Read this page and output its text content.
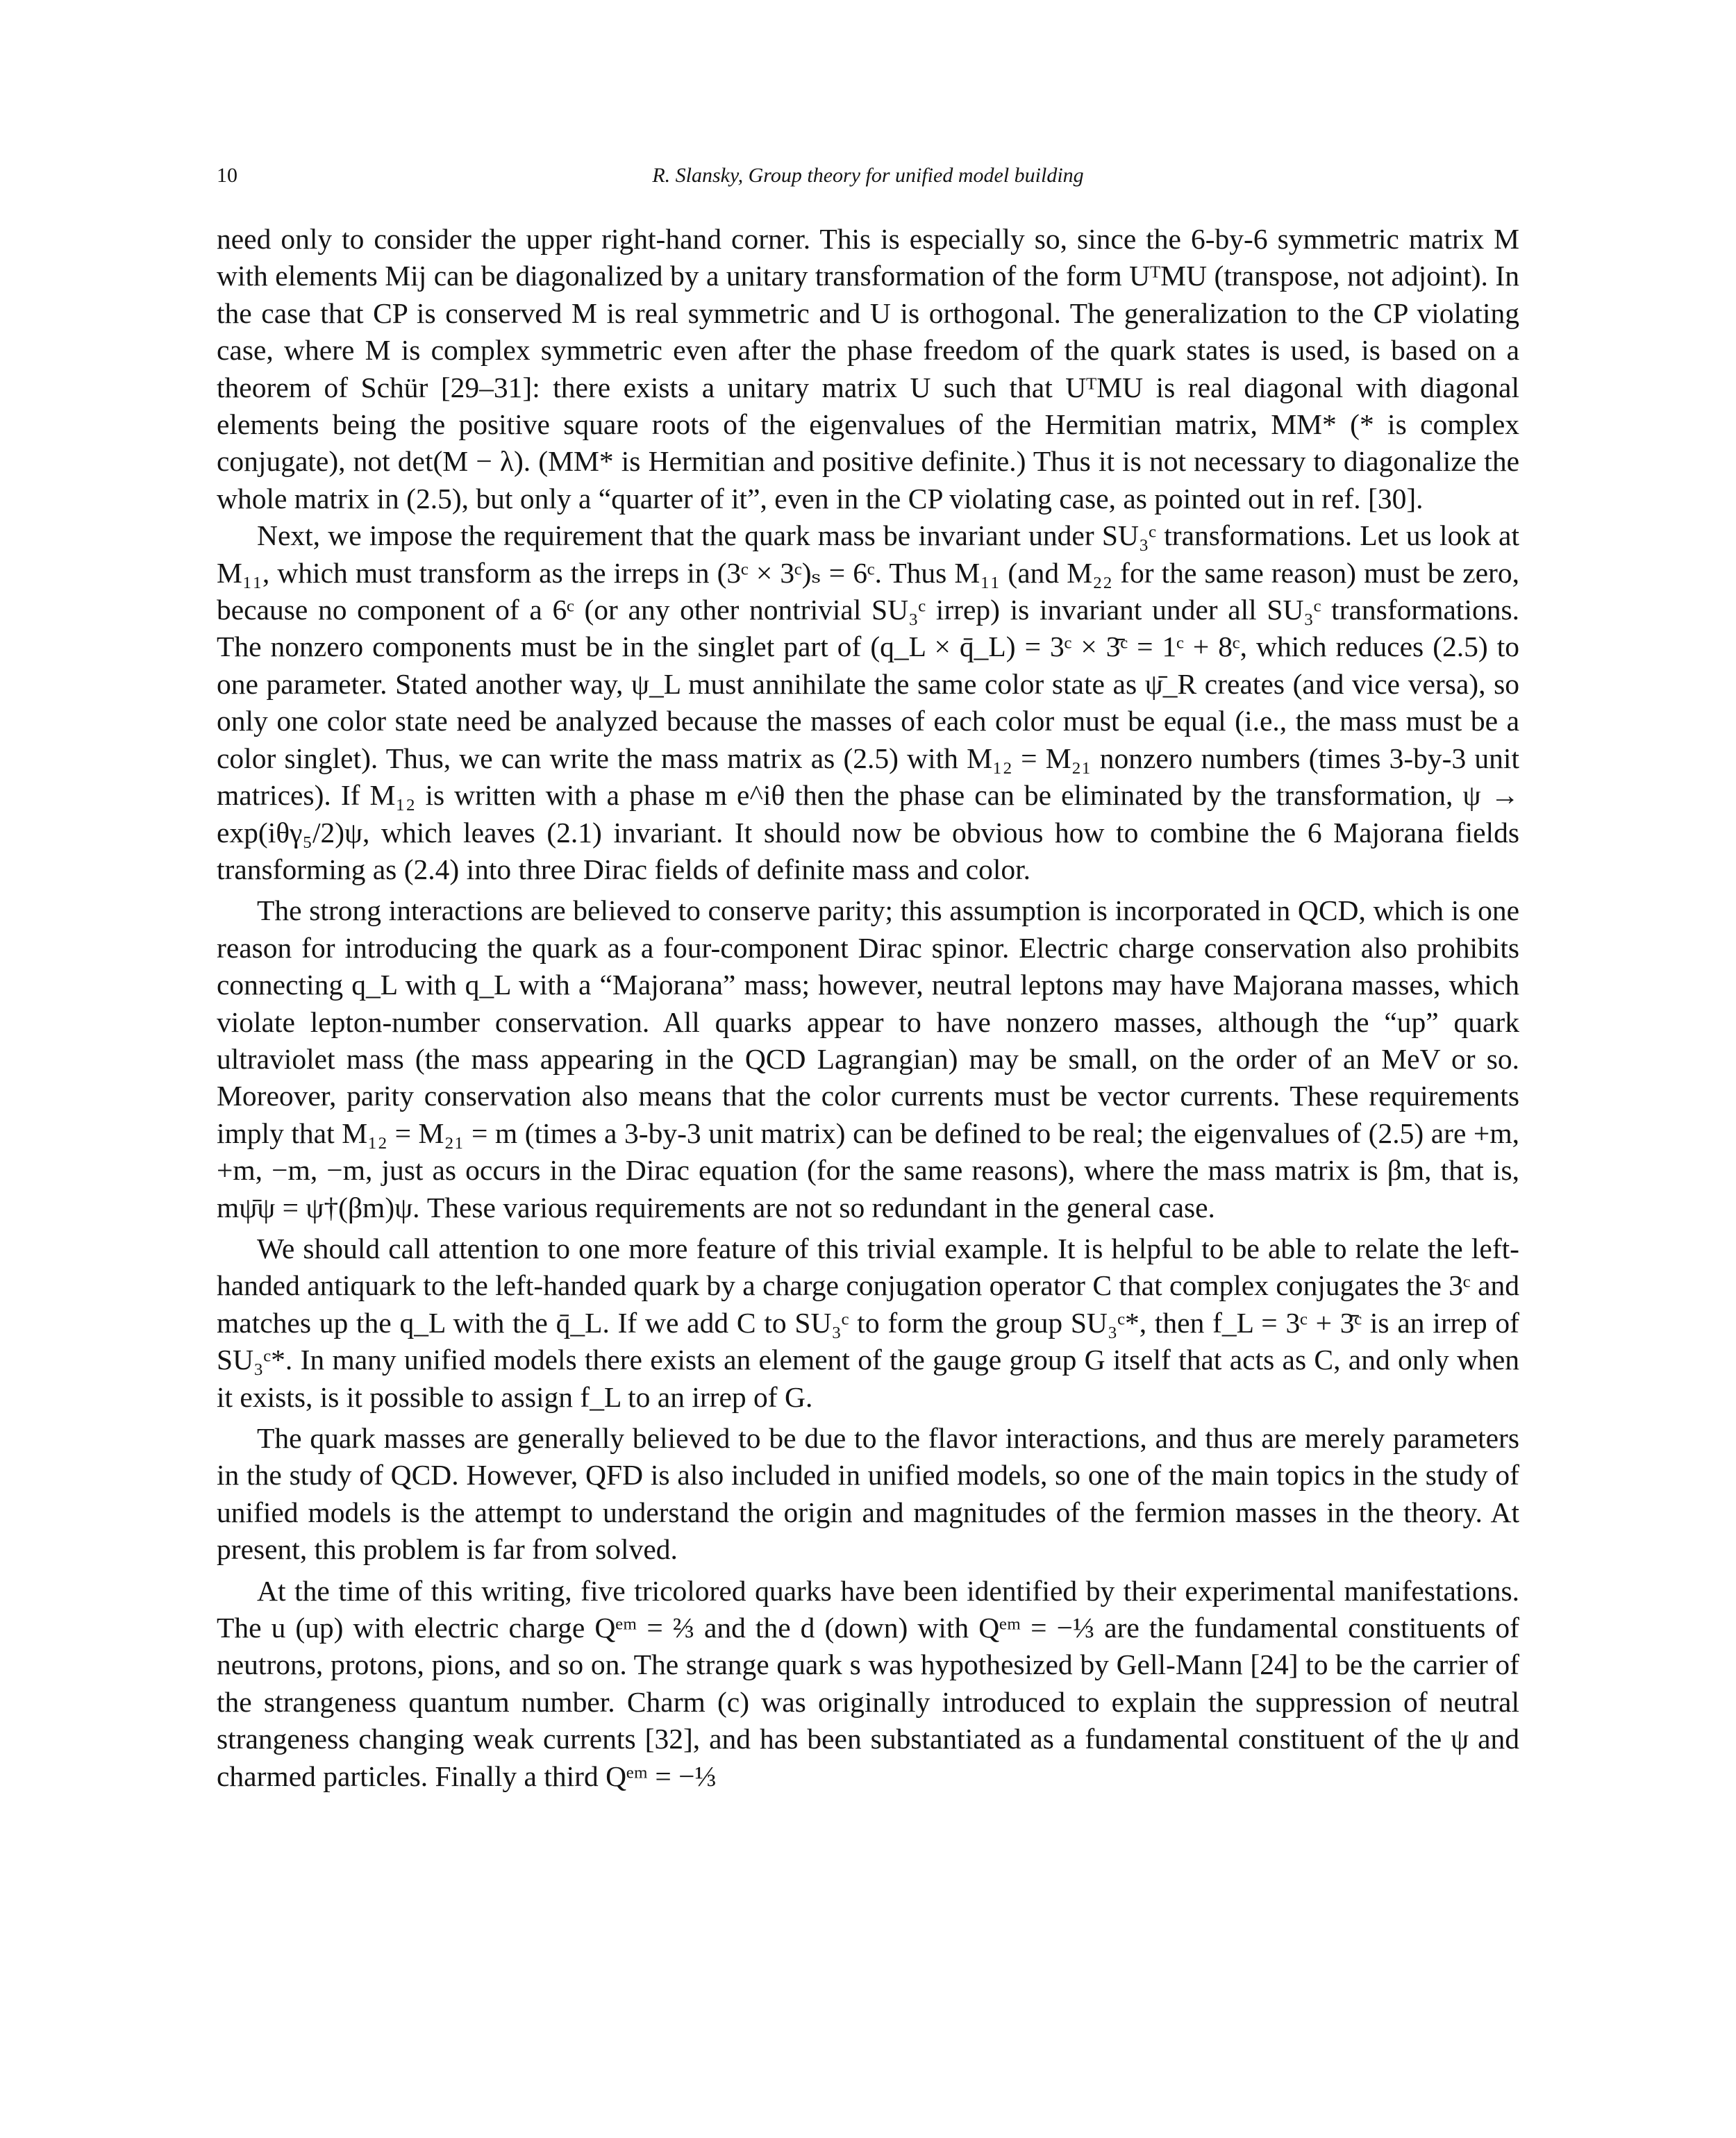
10	R. Slansky, Group theory for unified model building

need only to consider the upper right-hand corner. This is especially so, since the 6-by-6 symmetric matrix M with elements Mij can be diagonalized by a unitary transformation of the form UᵀMU (transpose, not adjoint). In the case that CP is conserved M is real symmetric and U is orthogonal. The generalization to the CP violating case, where M is complex symmetric even after the phase freedom of the quark states is used, is based on a theorem of Schür [29–31]: there exists a unitary matrix U such that UᵀMU is real diagonal with diagonal elements being the positive square roots of the eigenvalues of the Hermitian matrix, MM* (* is complex conjugate), not det(M − λ). (MM* is Hermitian and positive definite.) Thus it is not necessary to diagonalize the whole matrix in (2.5), but only a “quarter of it”, even in the CP violating case, as pointed out in ref. [30].

Next, we impose the requirement that the quark mass be invariant under SU₃ᶜ transformations. Let us look at M₁₁, which must transform as the irreps in (3ᶜ × 3ᶜ)ₛ = 6ᶜ. Thus M₁₁ (and M₂₂ for the same reason) must be zero, because no component of a 6ᶜ (or any other nontrivial SU₃ᶜ irrep) is invariant under all SU₃ᶜ transformations. The nonzero components must be in the singlet part of (q_L × q̄_L) = 3ᶜ × 3̄ᶜ = 1ᶜ + 8ᶜ, which reduces (2.5) to one parameter. Stated another way, ψ_L must annihilate the same color state as ψ̄_R creates (and vice versa), so only one color state need be analyzed because the masses of each color must be equal (i.e., the mass must be a color singlet). Thus, we can write the mass matrix as (2.5) with M₁₂ = M₂₁ nonzero numbers (times 3-by-3 unit matrices). If M₁₂ is written with a phase m e^iθ then the phase can be eliminated by the transformation, ψ → exp(iθγ₅/2)ψ, which leaves (2.1) invariant. It should now be obvious how to combine the 6 Majorana fields transforming as (2.4) into three Dirac fields of definite mass and color.

The strong interactions are believed to conserve parity; this assumption is incorporated in QCD, which is one reason for introducing the quark as a four-component Dirac spinor. Electric charge conservation also prohibits connecting q_L with q_L with a “Majorana” mass; however, neutral leptons may have Majorana masses, which violate lepton-number conservation. All quarks appear to have nonzero masses, although the “up” quark ultraviolet mass (the mass appearing in the QCD Lagrangian) may be small, on the order of an MeV or so. Moreover, parity conservation also means that the color currents must be vector currents. These requirements imply that M₁₂ = M₂₁ = m (times a 3-by-3 unit matrix) can be defined to be real; the eigenvalues of (2.5) are +m, +m, −m, −m, just as occurs in the Dirac equation (for the same reasons), where the mass matrix is βm, that is, mψ̄ψ = ψ†(βm)ψ. These various requirements are not so redundant in the general case.

We should call attention to one more feature of this trivial example. It is helpful to be able to relate the left-handed antiquark to the left-handed quark by a charge conjugation operator C that complex conjugates the 3ᶜ and matches up the q_L with the q̄_L. If we add C to SU₃ᶜ to form the group SU₃ᶜ*, then f_L = 3ᶜ + 3̄ᶜ is an irrep of SU₃ᶜ*. In many unified models there exists an element of the gauge group G itself that acts as C, and only when it exists, is it possible to assign f_L to an irrep of G.

The quark masses are generally believed to be due to the flavor interactions, and thus are merely parameters in the study of QCD. However, QFD is also included in unified models, so one of the main topics in the study of unified models is the attempt to understand the origin and magnitudes of the fermion masses in the theory. At present, this problem is far from solved.

At the time of this writing, five tricolored quarks have been identified by their experimental manifestations. The u (up) with electric charge Qᵉᵐ = ⅔ and the d (down) with Qᵉᵐ = −⅓ are the fundamental constituents of neutrons, protons, pions, and so on. The strange quark s was hypothesized by Gell-Mann [24] to be the carrier of the strangeness quantum number. Charm (c) was originally introduced to explain the suppression of neutral strangeness changing weak currents [32], and has been substantiated as a fundamental constituent of the ψ and charmed particles. Finally a third Qᵉᵐ = −⅓
